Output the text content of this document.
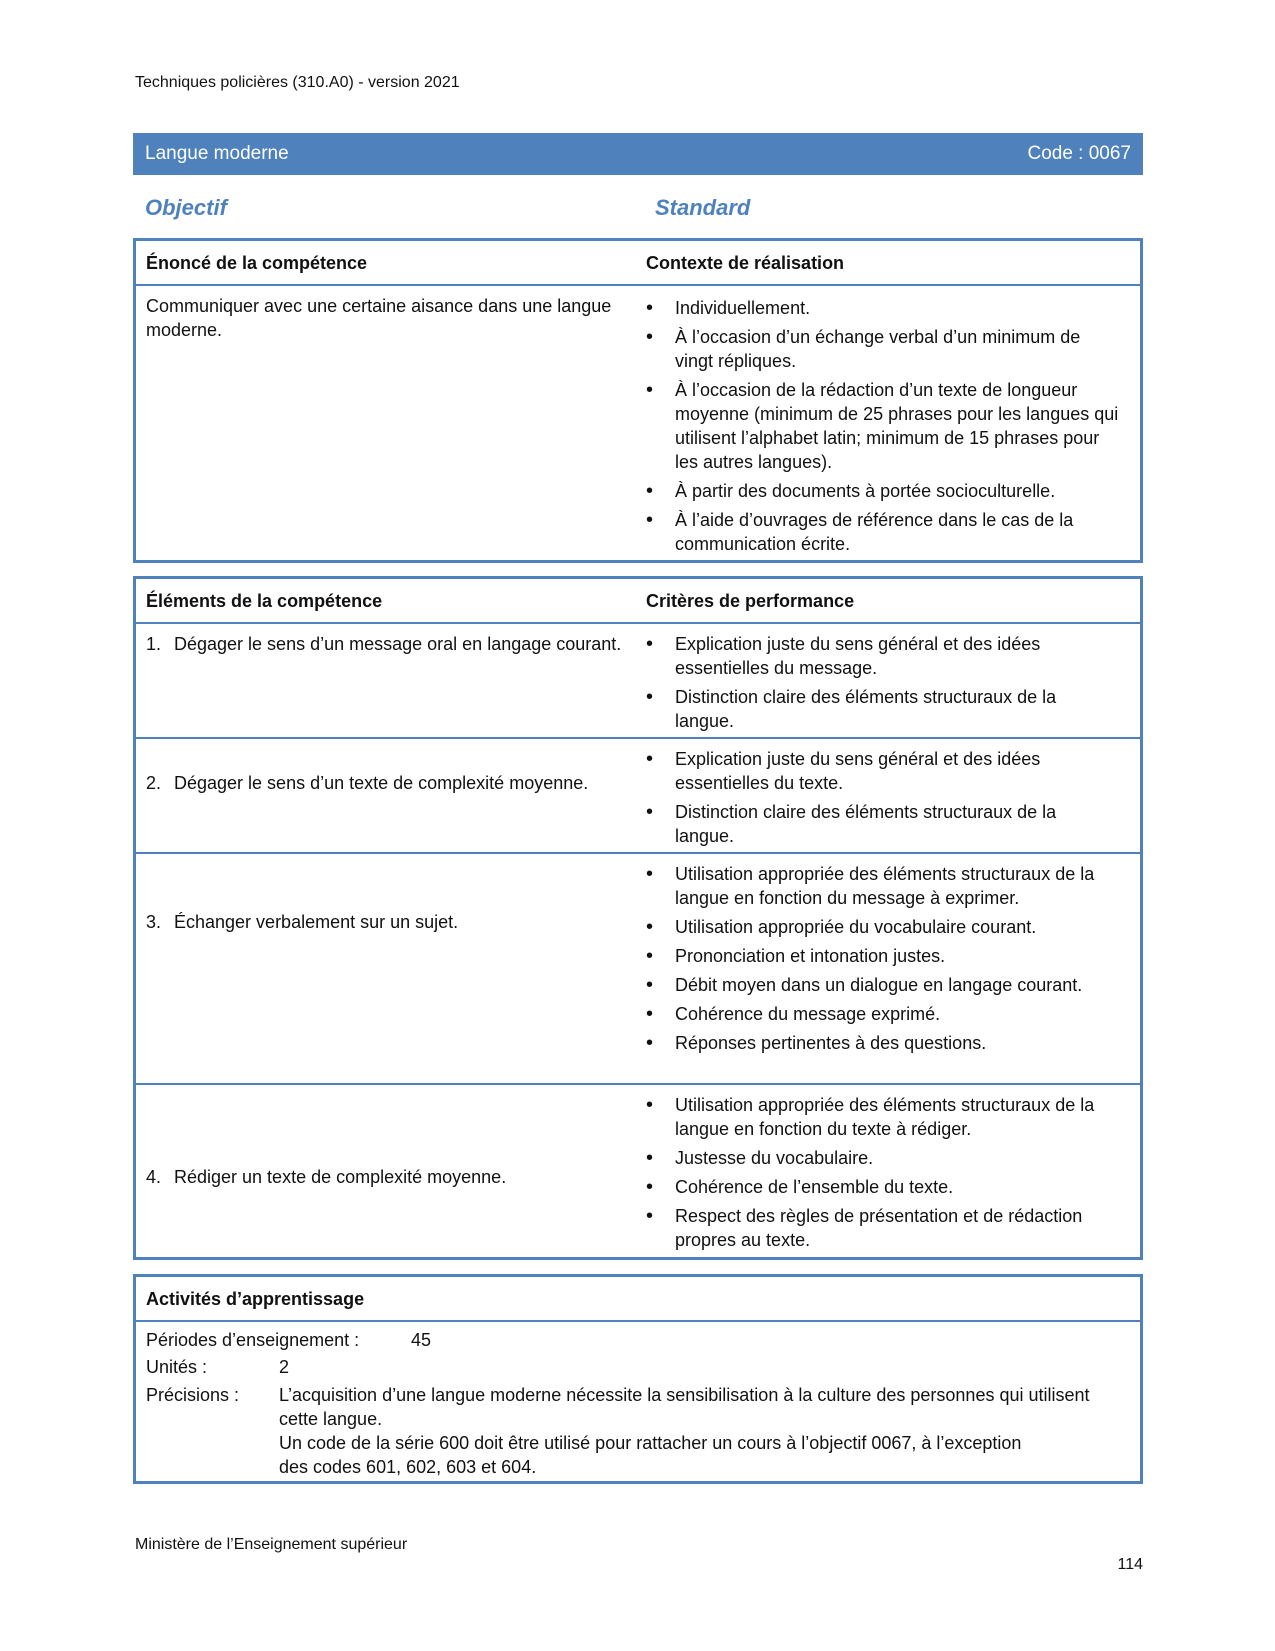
Techniques policières (310.A0) - version 2021
Langue moderne	Code : 0067
Objectif	Standard
Énoncé de la compétence	Contexte de réalisation
Communiquer avec une certaine aisance dans une langue moderne.
• Individuellement.
• À l’occasion d’un échange verbal d’un minimum de vingt répliques.
• À l’occasion de la rédaction d’un texte de longueur moyenne (minimum de 25 phrases pour les langues qui utilisent l’alphabet latin; minimum de 15 phrases pour les autres langues).
• À partir des documents à portée socioculturelle.
• À l’aide d’ouvrages de référence dans le cas de la communication écrite.
Éléments de la compétence	Critères de performance
1. Dégager le sens d’un message oral en langage courant.
•	Explication juste du sens général et des idées essentielles du message.
• Distinction claire des éléments structuraux de la langue.
2. Dégager le sens d’un texte de complexité moyenne.
• Explication juste du sens général et des idées essentielles du texte.
• Distinction claire des éléments structuraux de la langue.
3. Échanger verbalement sur un sujet.
• Utilisation appropriée des éléments structuraux de la langue en fonction du message à exprimer.
• Utilisation appropriée du vocabulaire courant.
• Prononciation et intonation justes.
• Débit moyen dans un dialogue en langage courant.
• Cohérence du message exprimé.
• Réponses pertinentes à des questions.
4. Rédiger un texte de complexité moyenne.
• Utilisation appropriée des éléments structuraux de la langue en fonction du texte à rédiger.
• Justesse du vocabulaire.
• Cohérence de l’ensemble du texte.
• Respect des règles de présentation et de rédaction propres au texte.
Activités d’apprentissage
Périodes d’enseignement :	45
Unités :	2
Précisions : L’acquisition d’une langue moderne nécessite la sensibilisation à la culture des personnes qui utilisent cette langue.
Un code de la série 600 doit être utilisé pour rattacher un cours à l’objectif 0067, à l’exception des codes 601, 602, 603 et 604.
Ministère de l’Enseignement supérieur
114
